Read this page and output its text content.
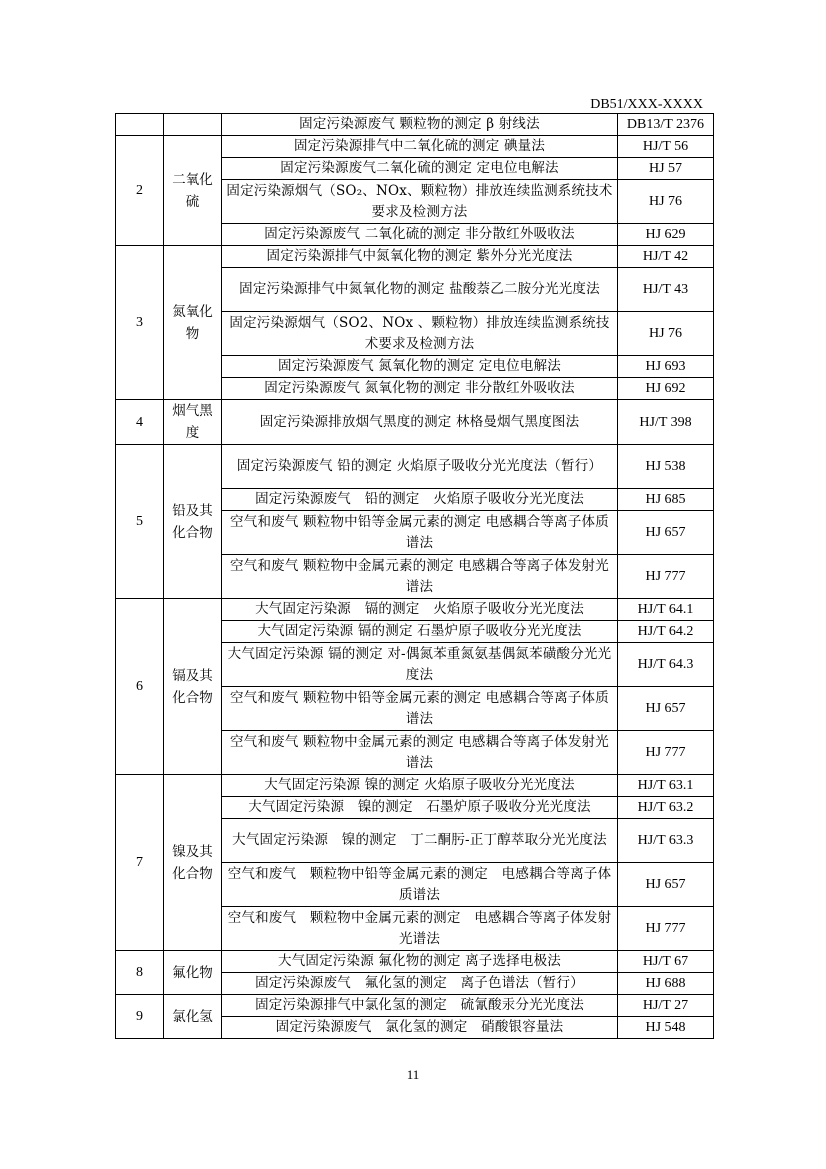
DB51/XXX-XXXX
		固定污染源废气 颗粒物的测定 β 射线法	DB13/T 2376
2	二氧化硫	固定污染源排气中二氧化硫的测定 碘量法	HJ/T 56
		固定污染源废气二氧化硫的测定 定电位电解法	HJ 57
		固定污染源烟气（SO₂、NOx、颗粒物）排放连续监测系统技术要求及检测方法	HJ 76
		固定污染源废气 二氧化硫的测定 非分散红外吸收法	HJ 629
3	氮氧化物	固定污染源排气中氮氧化物的测定 紫外分光光度法	HJ/T 42
		固定污染源排气中氮氧化物的测定 盐酸萘乙二胺分光光度法	HJ/T 43
		固定污染源烟气（SO2、NOx 、颗粒物）排放连续监测系统技术要求及检测方法	HJ 76
		固定污染源废气 氮氧化物的测定 定电位电解法	HJ 693
		固定污染源废气 氮氧化物的测定 非分散红外吸收法	HJ 692
4	烟气黑度	固定污染源排放烟气黑度的测定 林格曼烟气黑度图法	HJ/T 398
5	铅及其化合物	固定污染源废气 铅的测定 火焰原子吸收分光光度法（暂行）	HJ 538
		固定污染源废气　铅的测定　火焰原子吸收分光光度法	HJ 685
		空气和废气 颗粒物中铅等金属元素的测定 电感耦合等离子体质谱法	HJ 657
		空气和废气 颗粒物中金属元素的测定 电感耦合等离子体发射光谱法	HJ 777
6	镉及其化合物	大气固定污染源　镉的测定　火焰原子吸收分光光度法	HJ/T 64.1
		大气固定污染源 镉的测定 石墨炉原子吸收分光光度法	HJ/T 64.2
		大气固定污染源 镉的测定 对-偶氮苯重氮氨基偶氮苯磺酸分光光度法	HJ/T 64.3
		空气和废气 颗粒物中铅等金属元素的测定 电感耦合等离子体质谱法	HJ 657
		空气和废气 颗粒物中金属元素的测定 电感耦合等离子体发射光谱法	HJ 777
7	镍及其化合物	大气固定污染源 镍的测定 火焰原子吸收分光光度法	HJ/T 63.1
		大气固定污染源　镍的测定　石墨炉原子吸收分光光度法	HJ/T 63.2
		大气固定污染源　镍的测定　丁二酮肟-正丁醇萃取分光光度法	HJ/T 63.3
		空气和废气　颗粒物中铅等金属元素的测定　电感耦合等离子体质谱法	HJ 657
		空气和废气　颗粒物中金属元素的测定　电感耦合等离子体发射光谱法	HJ 777
8	氟化物	大气固定污染源 氟化物的测定 离子选择电极法	HJ/T 67
		固定污染源废气　氟化氢的测定　离子色谱法（暂行）	HJ 688
9	氯化氢	固定污染源排气中氯化氢的测定　硫氰酸汞分光光度法	HJ/T 27
		固定污染源废气　氯化氢的测定　硝酸银容量法	HJ 548
11
